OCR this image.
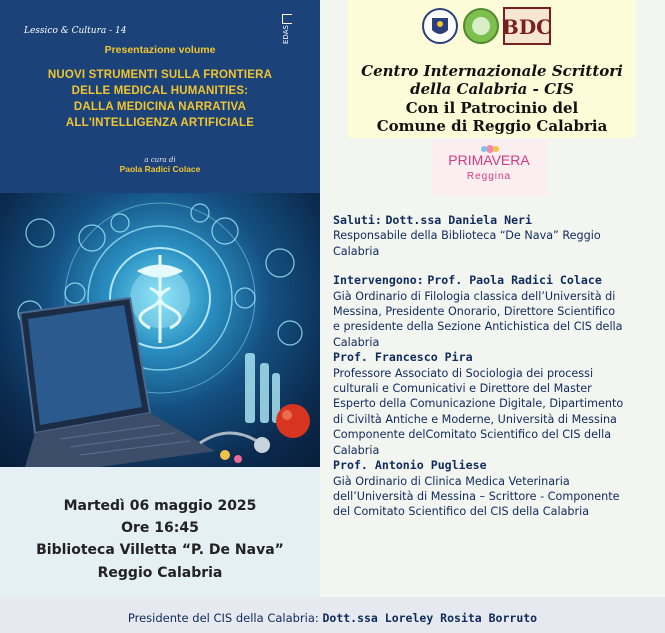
Lessico & Cultura - 14	EDAS
Presentazione volume
NUOVI STRUMENTI SULLA FRONTIERA
DELLE MEDICAL HUMANITIES:
DALLA MEDICINA NARRATIVA
ALL'INTELLIGENZA ARTIFICIALE
a cura di
Paola Radici Colace
Martedì 06 maggio 2025
Ore 16:45
Biblioteca Villetta “P. De Nava”
Reggio Calabria
BDC
Centro Internazionale Scrittori
della Calabria - CIS
Con il Patrocinio del
Comune di Reggio Calabria
PRIMAVERA
Reggina
Saluti: Dott.ssa Daniela Neri
Responsabile della Biblioteca “De Nava” Reggio
Calabria
Intervengono: Prof. Paola Radici Colace
Già Ordinario di Filologia classica dell’Università di
Messina, Presidente Onorario, Direttore Scientifico
e presidente della Sezione Antichistica del CIS della
Calabria
Prof. Francesco Pira
Professore Associato di Sociologia dei processi
culturali e Comunicativi e Direttore del Master
Esperto della Comunicazione Digitale, Dipartimento
di Civiltà Antiche e Moderne, Università di Messina
Componente delComitato Scientifico del CIS della
Calabria
Prof. Antonio Pugliese
Già Ordinario di Clinica Medica Veterinaria
dell’Università di Messina – Scrittore - Componente
del Comitato Scientifico del CIS della Calabria
Presidente del CIS della Calabria: Dott.ssa Loreley Rosita Borruto
